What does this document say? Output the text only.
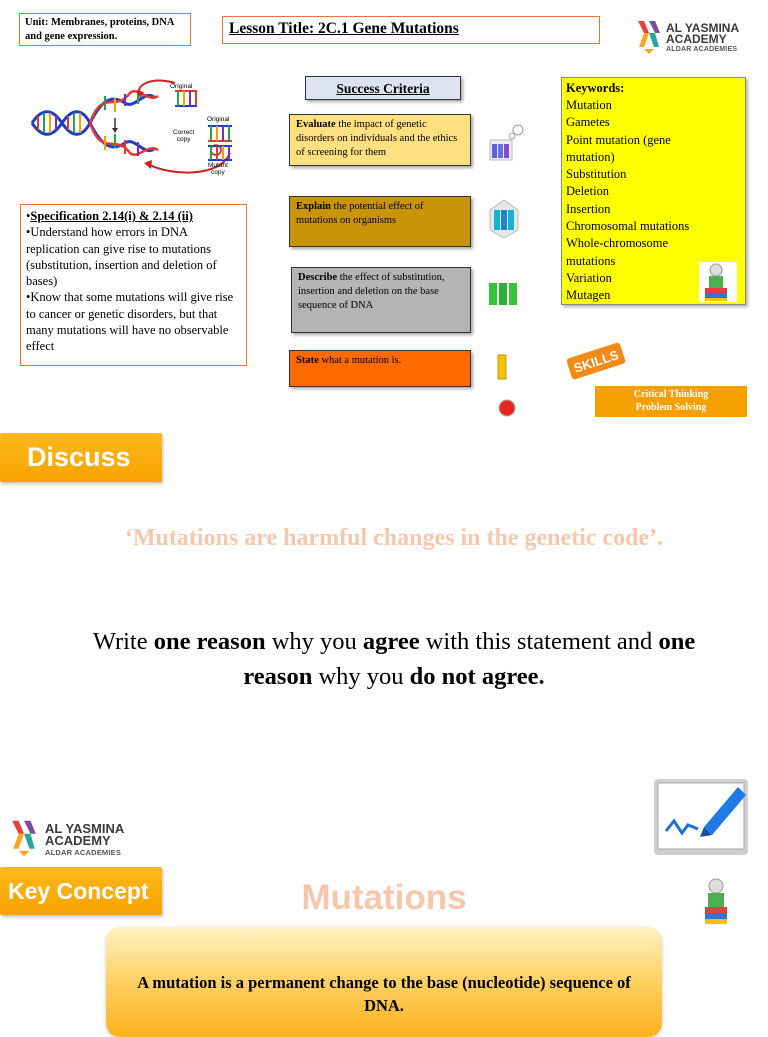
Unit: Membranes, proteins, DNA and gene expression.	Lesson Title: 2C.1 Gene Mutations	AL YASMINA
ACADEMY
ALDAR ACADEMIES
Original
Correct
copy
Original
Mutant
copy
•Specification 2.14(i) & 2.14 (ii)
•Understand how errors in DNA replication can give rise to mutations (substitution, insertion and deletion of bases)
•Know that some mutations will give rise to cancer or genetic disorders, but that many mutations will have no observable effect
Success Criteria
Evaluate the impact of genetic disorders on individuals and the ethics of screening for them
Explain the potential effect of mutations on organisms
Describe the effect of substitution, insertion and deletion on the base sequence of DNA
State what a mutation is.
Keywords:
Mutation
Gametes
Point mutation (gene mutation)
Substitution
Deletion
Insertion
Chromosomal mutations
Whole-chromosome mutations
Variation
Mutagen
SKILLS
Critical Thinking
Problem Solving
Discuss
‘Mutations are harmful changes in the genetic code’.
Write one reason why you agree with this statement and one reason why you do not agree.
AL YASMINA
ACADEMY
ALDAR ACADEMIES
Key Concept	Mutations
A mutation is a permanent change to the base (nucleotide) sequence of DNA.
